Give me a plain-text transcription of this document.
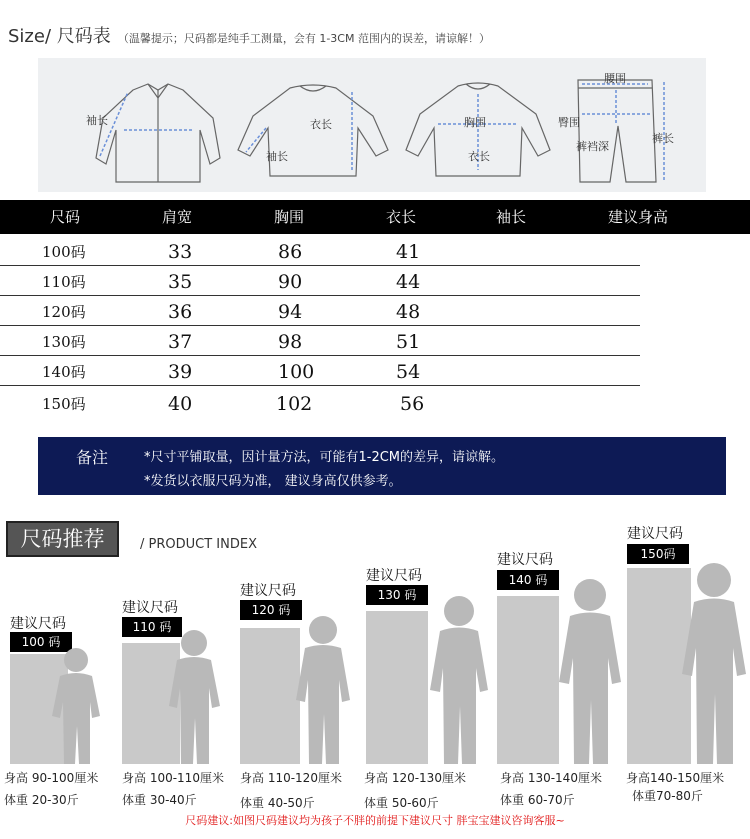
Size/ 尺码表 （温馨提示；尺码都是纯手工测量，会有 1-3CM 范围内的误差，请谅解！）
袖长	衣长
袖长
胸围
衣长
腰围
臀围
裤裆深
裤长
尺码	肩宽	胸围	衣长	袖长	建议身高
100码	33	86	41
110码	35	90	44
120码	36	94	48
130码	37	98	51
140码	39	100	54
150码	40	102	56
备注	*尺寸平铺取量，因计量方法，可能有1-2CM的差异，请谅解。
*发货以衣服尺码为准， 建议身高仅供参考。
尺码推荐	/ PRODUCT INDEX
建议尺码
100 码
身高 90-100厘米
体重 20-30斤
建议尺码
110 码
身高 100-110厘米
体重 30-40斤
建议尺码
120 码
身高 110-120厘米
体重 40-50斤
建议尺码
130 码
身高 120-130厘米
体重 50-60斤
建议尺码
140 码
身高 130-140厘米
体重 60-70斤
建议尺码
150码
身高140-150厘米
体重70-80斤
尺码建议:如图尺码建议均为孩子不胖的前提下建议尺寸 胖宝宝建议咨询客服~
